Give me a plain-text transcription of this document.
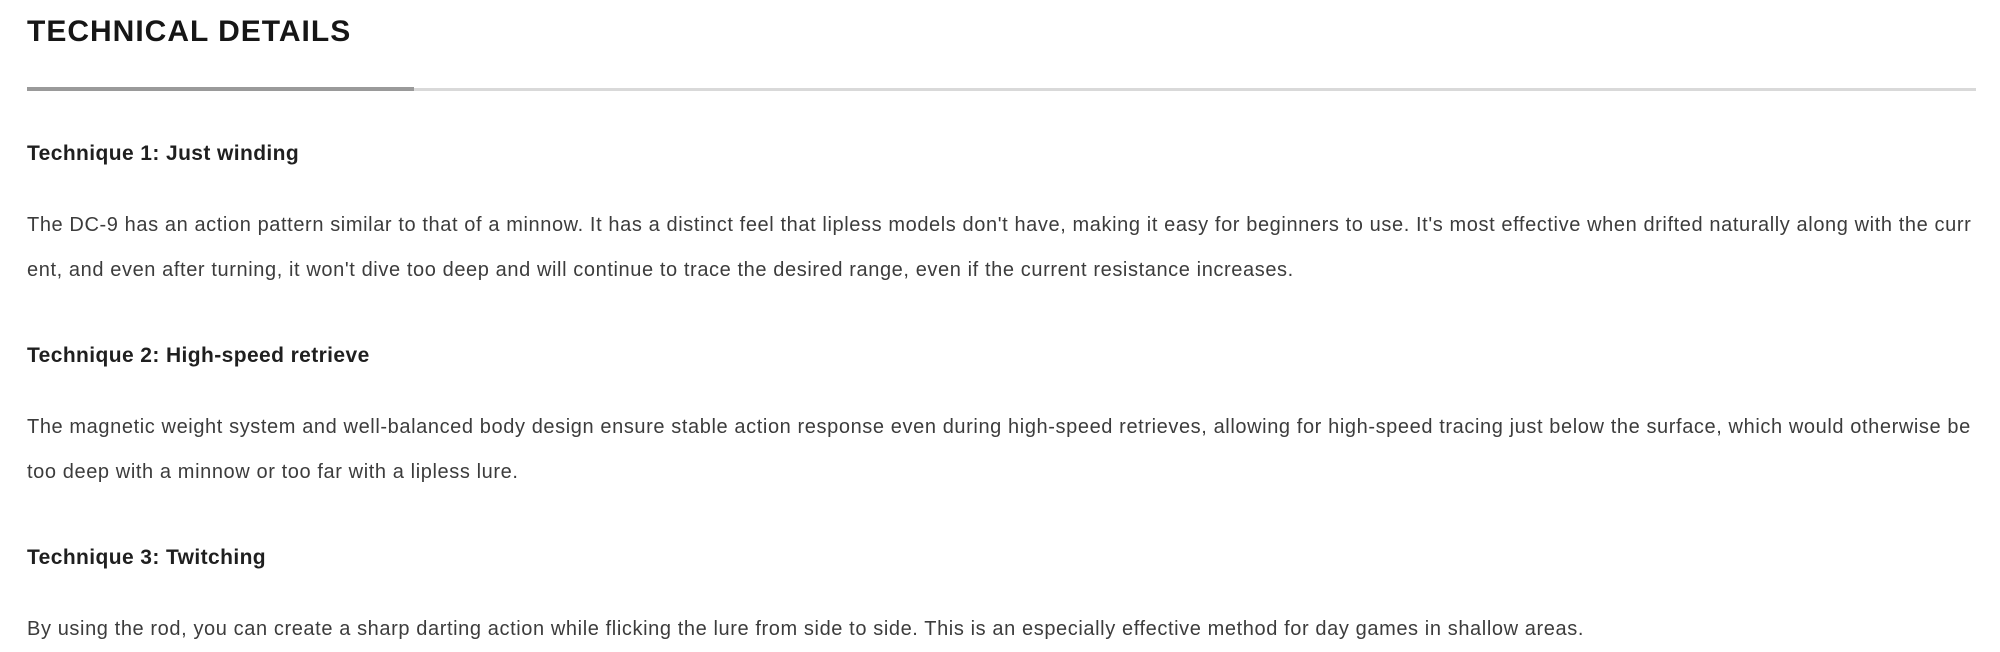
TECHNICAL DETAILS
Technique 1: Just winding

The DC-9 has an action pattern similar to that of a minnow. It has a distinct feel that lipless models don't have, making it easy for beginners to use. It's most effective when drifted naturally along with the current, and even after turning, it won't dive too deep and will continue to trace the desired range, even if the current resistance increases.

Technique 2: High-speed retrieve

The magnetic weight system and well-balanced body design ensure stable action response even during high-speed retrieves, allowing for high-speed tracing just below the surface, which would otherwise be too deep with a minnow or too far with a lipless lure.

Technique 3: Twitching

By using the rod, you can create a sharp darting action while flicking the lure from side to side. This is an especially effective method for day games in shallow areas.
